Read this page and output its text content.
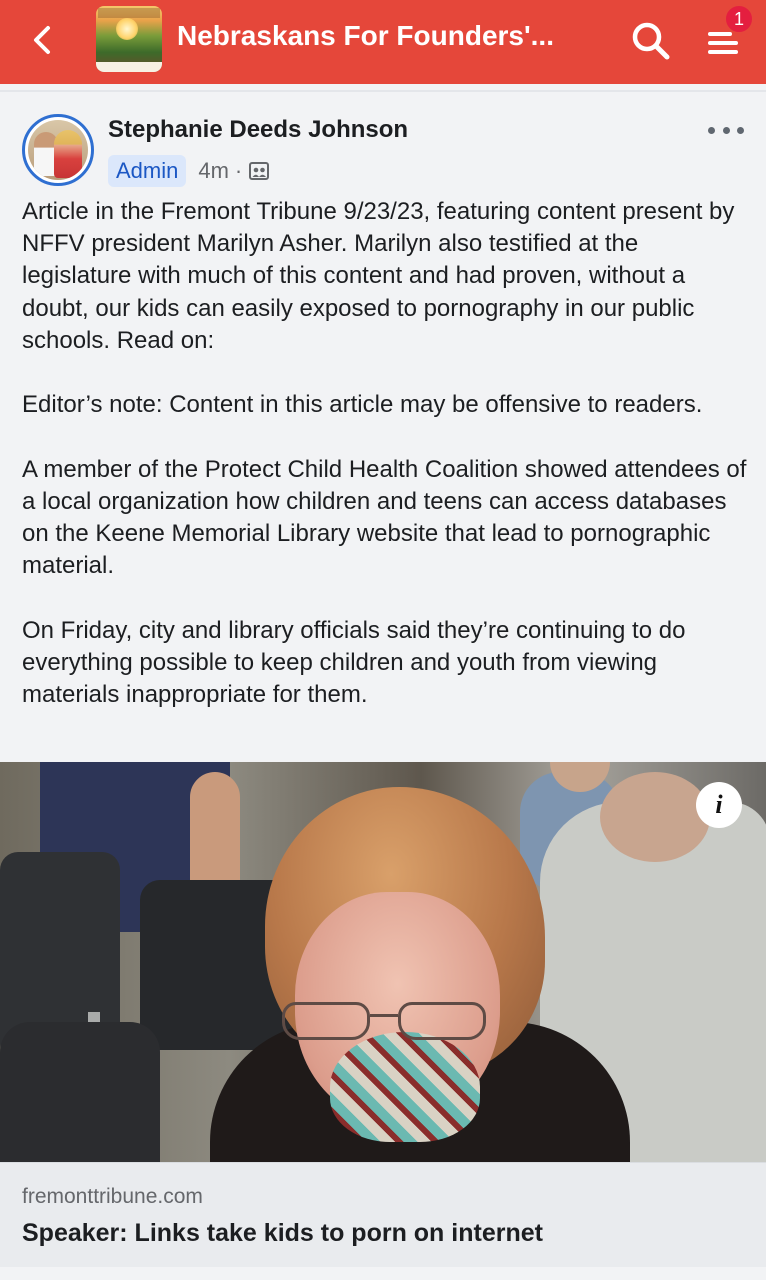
Nebraskans For Founders'...
1
Stephanie Deeds Johnson
Admin 4m ·

Article in the Fremont Tribune 9/23/23, featuring content present by NFFV president Marilyn Asher. Marilyn also testified at the legislature with much of this content and had proven, without a doubt, our kids can easily exposed to pornography in our public schools. Read on:

Editor’s note: Content in this article may be offensive to readers.

A member of the Protect Child Health Coalition showed attendees of a local organization how children and teens can access databases on the Keene Memorial Library website that lead to pornographic material.

On Friday, city and library officials said they’re continuing to do everything possible to keep children and youth from viewing materials inappropriate for them.

i
fremonttribune.com
Speaker: Links take kids to porn on internet
